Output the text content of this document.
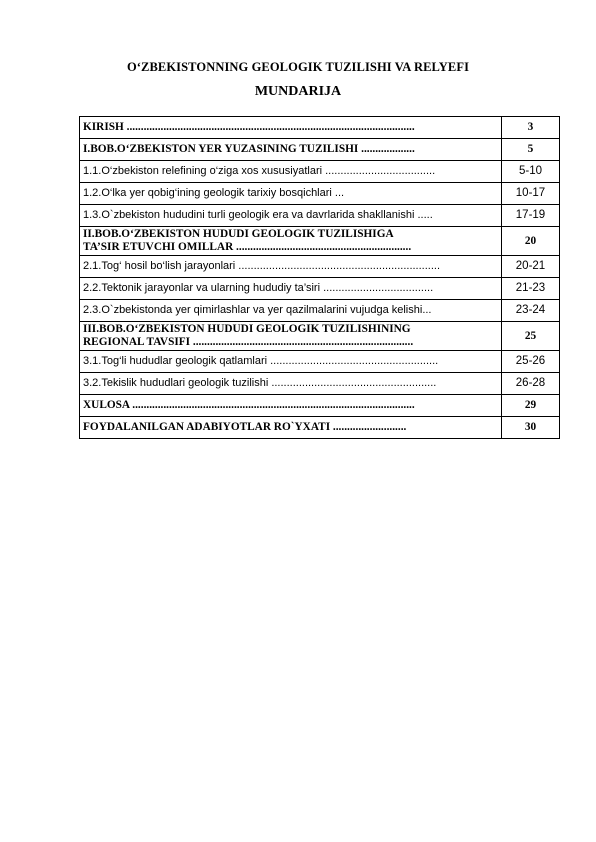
O‘ZBEKISTONNING GEOLOGIK TUZILISHI VA RELYEFI
MUNDARIJA
KIRISH ......................................................................................................	3
I.BOB.O‘ZBEKISTON YER YUZASINING TUZILISHI ...................	5
1.1.O‘zbekiston relefining o‘ziga xos xususiyatlari ....................................	5-10
1.2.O‘lka yer qobig‘ining geologik tarixiy bosqichlari ...	10-17
1.3.O`zbekiston hududini turli geologik era va davrlarida shakllanishi .....	17-19

II.BOB.O‘ZBEKISTON HUDUDI GEOLOGIK TUZILISHIGA
TA’SIR ETUVCHI OMILLAR ..............................................................	20
2.1.Tog‘ hosil bo‘lish jarayonlari ..................................................................	20-21
2.2.Tektonik jarayonlar va ularning hududiy ta’siri ....................................	21-23
2.3.O`zbekistonda yer qimirlashlar va yer qazilmalarini vujudga kelishi...	23-24

III.BOB.O‘ZBEKISTON HUDUDI GEOLOGIK TUZILISHINING
REGIONAL TAVSIFI ..............................................................................	25
3.1.Tog‘li hududlar geologik qatlamlari .......................................................	25-26
3.2.Tekislik hududlari geologik tuzilishi ......................................................	26-28
XULOSA ....................................................................................................	29
FOYDALANILGAN ADABIYOTLAR RO`YXATI ..........................	30
